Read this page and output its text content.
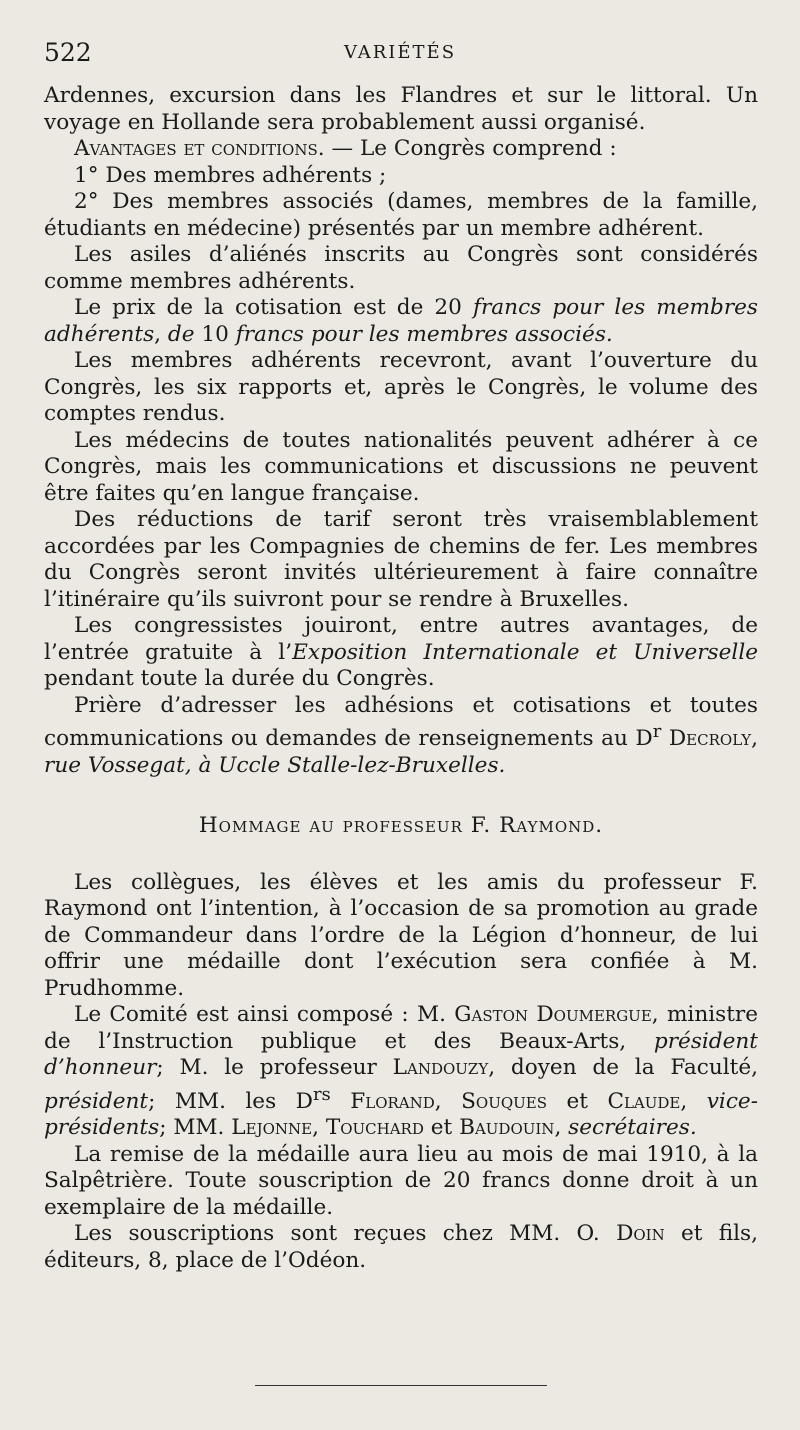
522	VARIÉTÉS

Ardennes, excursion dans les Flandres et sur le littoral. Un voyage en Hollande sera probablement aussi organisé.

Avantages et conditions. — Le Congrès comprend :

1° Des membres adhérents ;

2° Des membres associés (dames, membres de la famille, étudiants en médecine) présentés par un membre adhérent.

Les asiles d’aliénés inscrits au Congrès sont considérés comme membres adhérents.

Le prix de la cotisation est de 20 francs pour les membres adhérents, de 10 francs pour les membres associés.

Les membres adhérents recevront, avant l’ouverture du Congrès, les six rapports et, après le Congrès, le volume des comptes rendus.

Les médecins de toutes nationalités peuvent adhérer à ce Congrès, mais les communications et discussions ne peuvent être faites qu’en langue française.

Des réductions de tarif seront très vraisemblablement accordées par les Compagnies de chemins de fer. Les membres du Congrès seront invités ultérieurement à faire connaître l’itinéraire qu’ils suivront pour se rendre à Bruxelles.

Les congressistes jouiront, entre autres avantages, de l’entrée gratuite à l’Exposition Internationale et Universelle pendant toute la durée du Congrès.

Prière d’adresser les adhésions et cotisations et toutes communications ou demandes de renseignements au $D^r$ Decroly, rue Vossegat, à Uccle Stalle-lez-Bruxelles.

Hommage au professeur F. Raymond.

Les collègues, les élèves et les amis du professeur F. Raymond ont l’intention, à l’occasion de sa promotion au grade de Commandeur dans l’ordre de la Légion d’honneur, de lui offrir une médaille dont l’exécution sera confiée à M. Prudhomme.

Le Comité est ainsi composé : M. Gaston Doumergue, ministre de l’Instruction publique et des Beaux-Arts, président d’honneur; M. le professeur Landouzy, doyen de la Faculté, président; MM. les $D^{rs}$ Florand, Souques et Claude, vice-présidents; MM. Lejonne, Touchard et Baudouin, secrétaires.

La remise de la médaille aura lieu au mois de mai 1910, à la Salpêtrière. Toute souscription de 20 francs donne droit à un exemplaire de la médaille.

Les souscriptions sont reçues chez MM. O. Doin et fils, éditeurs, 8, place de l’Odéon.
